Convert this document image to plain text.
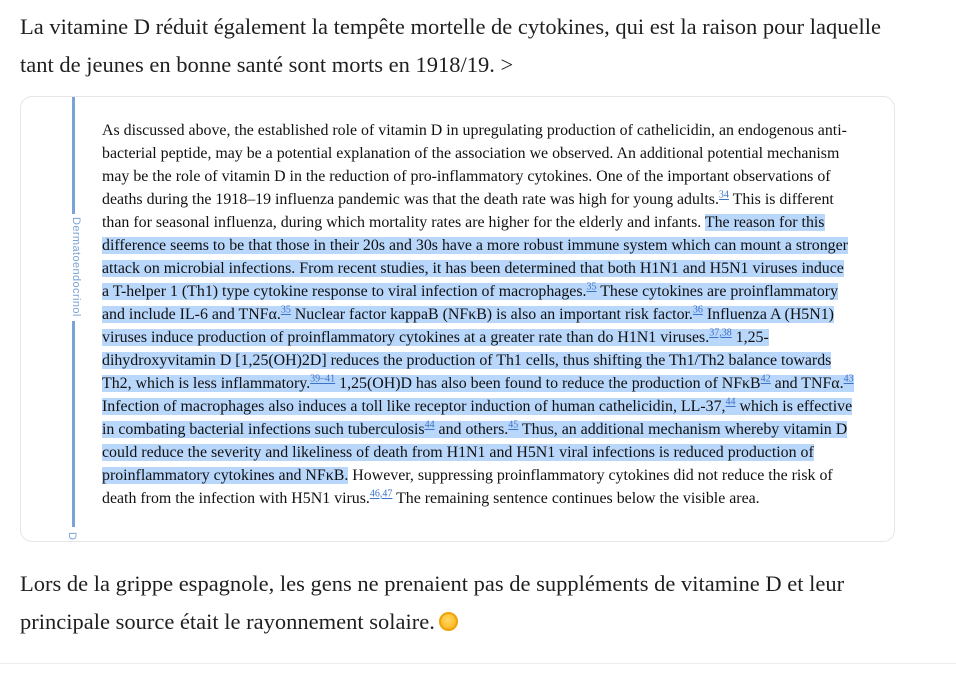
La vitamine D réduit également la tempête mortelle de cytokines, qui est la raison pour laquelle tant de jeunes en bonne santé sont morts en 1918/19. >
Dermatoendocrinol
D

As discussed above, the established role of vitamin D in upregulating production of cathelicidin, an endogenous anti-bacterial peptide, may be a potential explanation of the association we observed. An additional potential mechanism may be the role of vitamin D in the reduction of pro-inflammatory cytokines. One of the important observations of deaths during the 1918–19 influenza pandemic was that the death rate was high for young adults.$^{34}$ This is different than for seasonal influenza, during which mortality rates are higher for the elderly and infants. The reason for this difference seems to be that those in their 20s and 30s have a more robust immune system which can mount a stronger attack on microbial infections. From recent studies, it has been determined that both H1N1 and H5N1 viruses induce a T-helper 1 (Th1) type cytokine response to viral infection of macrophages.$^{35}$ These cytokines are proinflammatory and include IL-6 and TNFα.$^{35}$ Nuclear factor kappaB (NFκB) is also an important risk factor.$^{36}$ Influenza A (H5N1) viruses induce production of proinflammatory cytokines at a greater rate than do H1N1 viruses.$^{37,38}$ 1,25-dihydroxyvitamin D [1,25(OH)2D] reduces the production of Th1 cells, thus shifting the Th1/Th2 balance towards Th2, which is less inflammatory.$^{39-41}$ 1,25(OH)D has also been found to reduce the production of NFκB$^{42}$ and TNFα.$^{43}$ Infection of macrophages also induces a toll like receptor induction of human cathelicidin, LL-37,44 which is effective in combating bacterial infections such tuberculosis$^{44}$ and others.$^{45}$ Thus, an additional mechanism whereby vitamin D could reduce the severity and likeliness of death from H1N1 and H5N1 viral infections is reduced production of proinflammatory cytokines and NFκB. However, suppressing proinflammatory cytokines did not reduce the risk of death from the infection with H5N1 virus.$^{46,47}$ The remaining sentence continues below the visible area.

Lors de la grippe espagnole, les gens ne prenaient pas de suppléments de vitamine D et leur principale source était le rayonnement solaire.
